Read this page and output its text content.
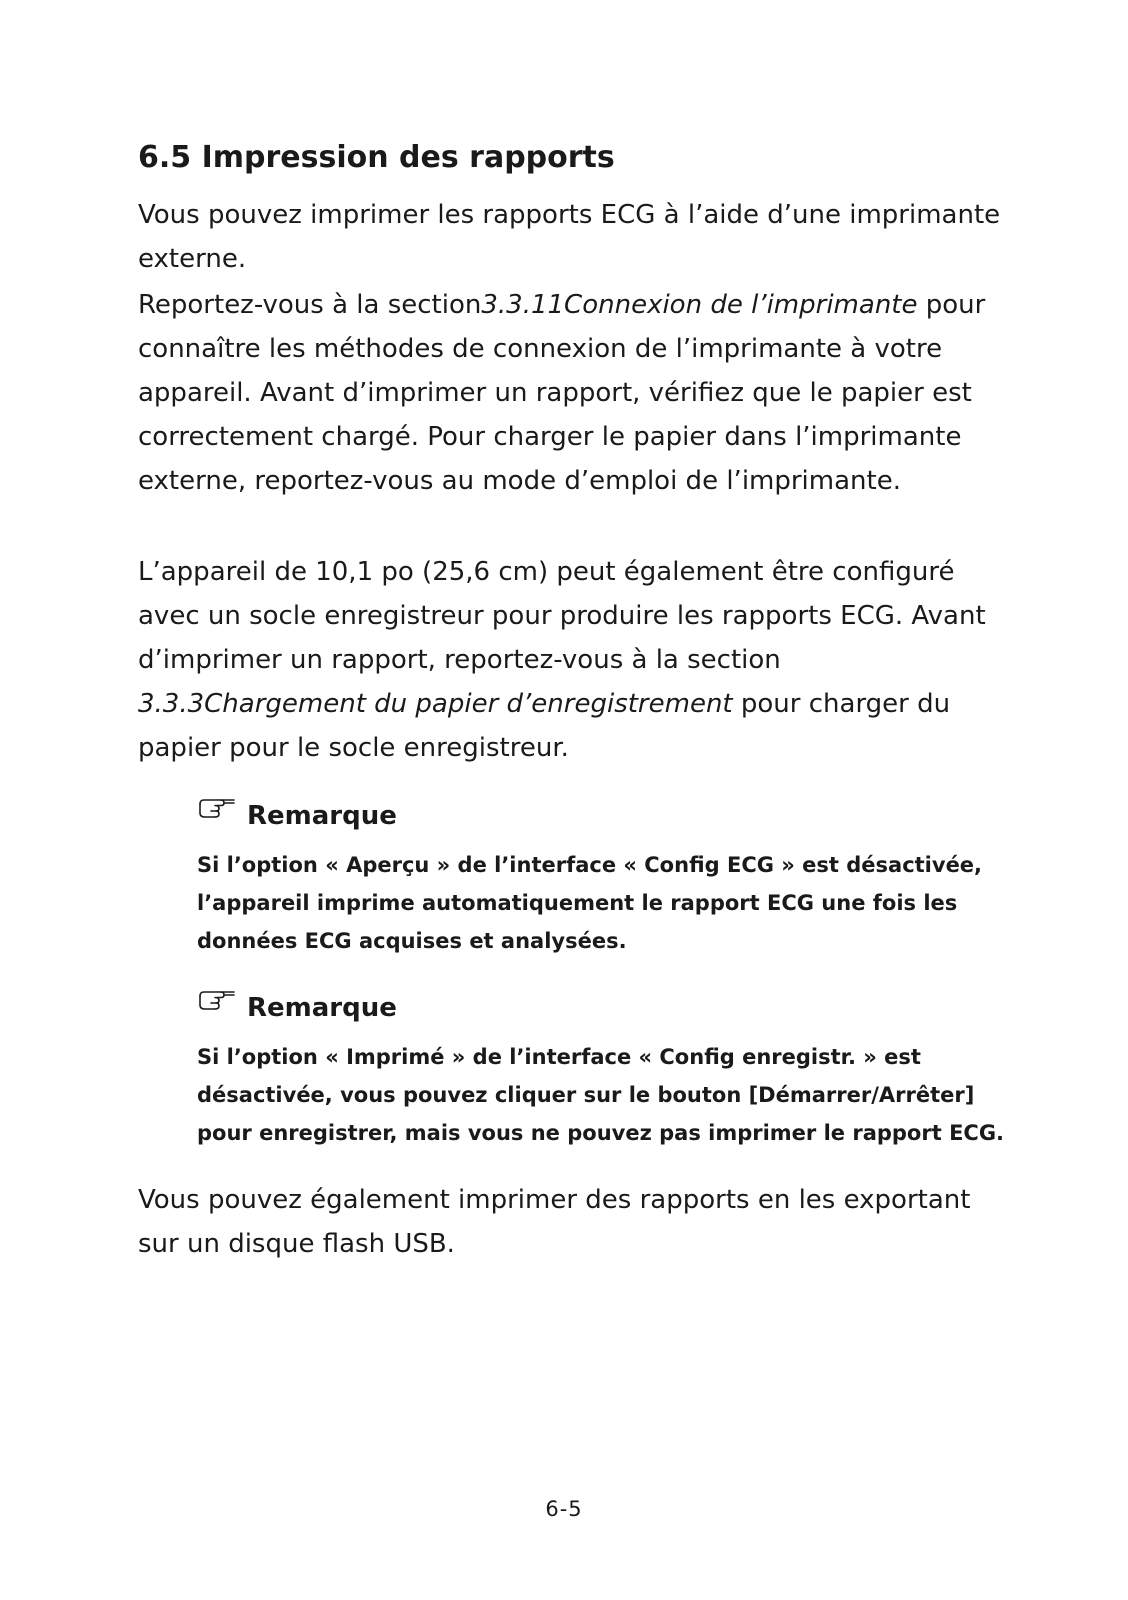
6.5 Impression des rapports

Vous pouvez imprimer les rapports ECG à l’aide d’une imprimante externe.

Reportez-vous à la section3.3.11Connexion de l’imprimante pour connaître les méthodes de connexion de l’imprimante à votre appareil. Avant d’imprimer un rapport, vérifiez que le papier est correctement chargé. Pour charger le papier dans l’imprimante externe, reportez-vous au mode d’emploi de l’imprimante.

L’appareil de 10,1 po (25,6 cm) peut également être configuré avec un socle enregistreur pour produire les rapports ECG. Avant d’imprimer un rapport, reportez-vous à la section 3.3.3Chargement du papier d’enregistrement pour charger du papier pour le socle enregistreur.

Remarque

Si l’option « Aperçu » de l’interface « Config ECG » est désactivée, l’appareil imprime automatiquement le rapport ECG une fois les données ECG acquises et analysées.

Remarque

Si l’option « Imprimé » de l’interface « Config enregistr. » est désactivée, vous pouvez cliquer sur le bouton [Démarrer/Arrêter] pour enregistrer, mais vous ne pouvez pas imprimer le rapport ECG.

Vous pouvez également imprimer des rapports en les exportant sur un disque flash USB.

6-5
